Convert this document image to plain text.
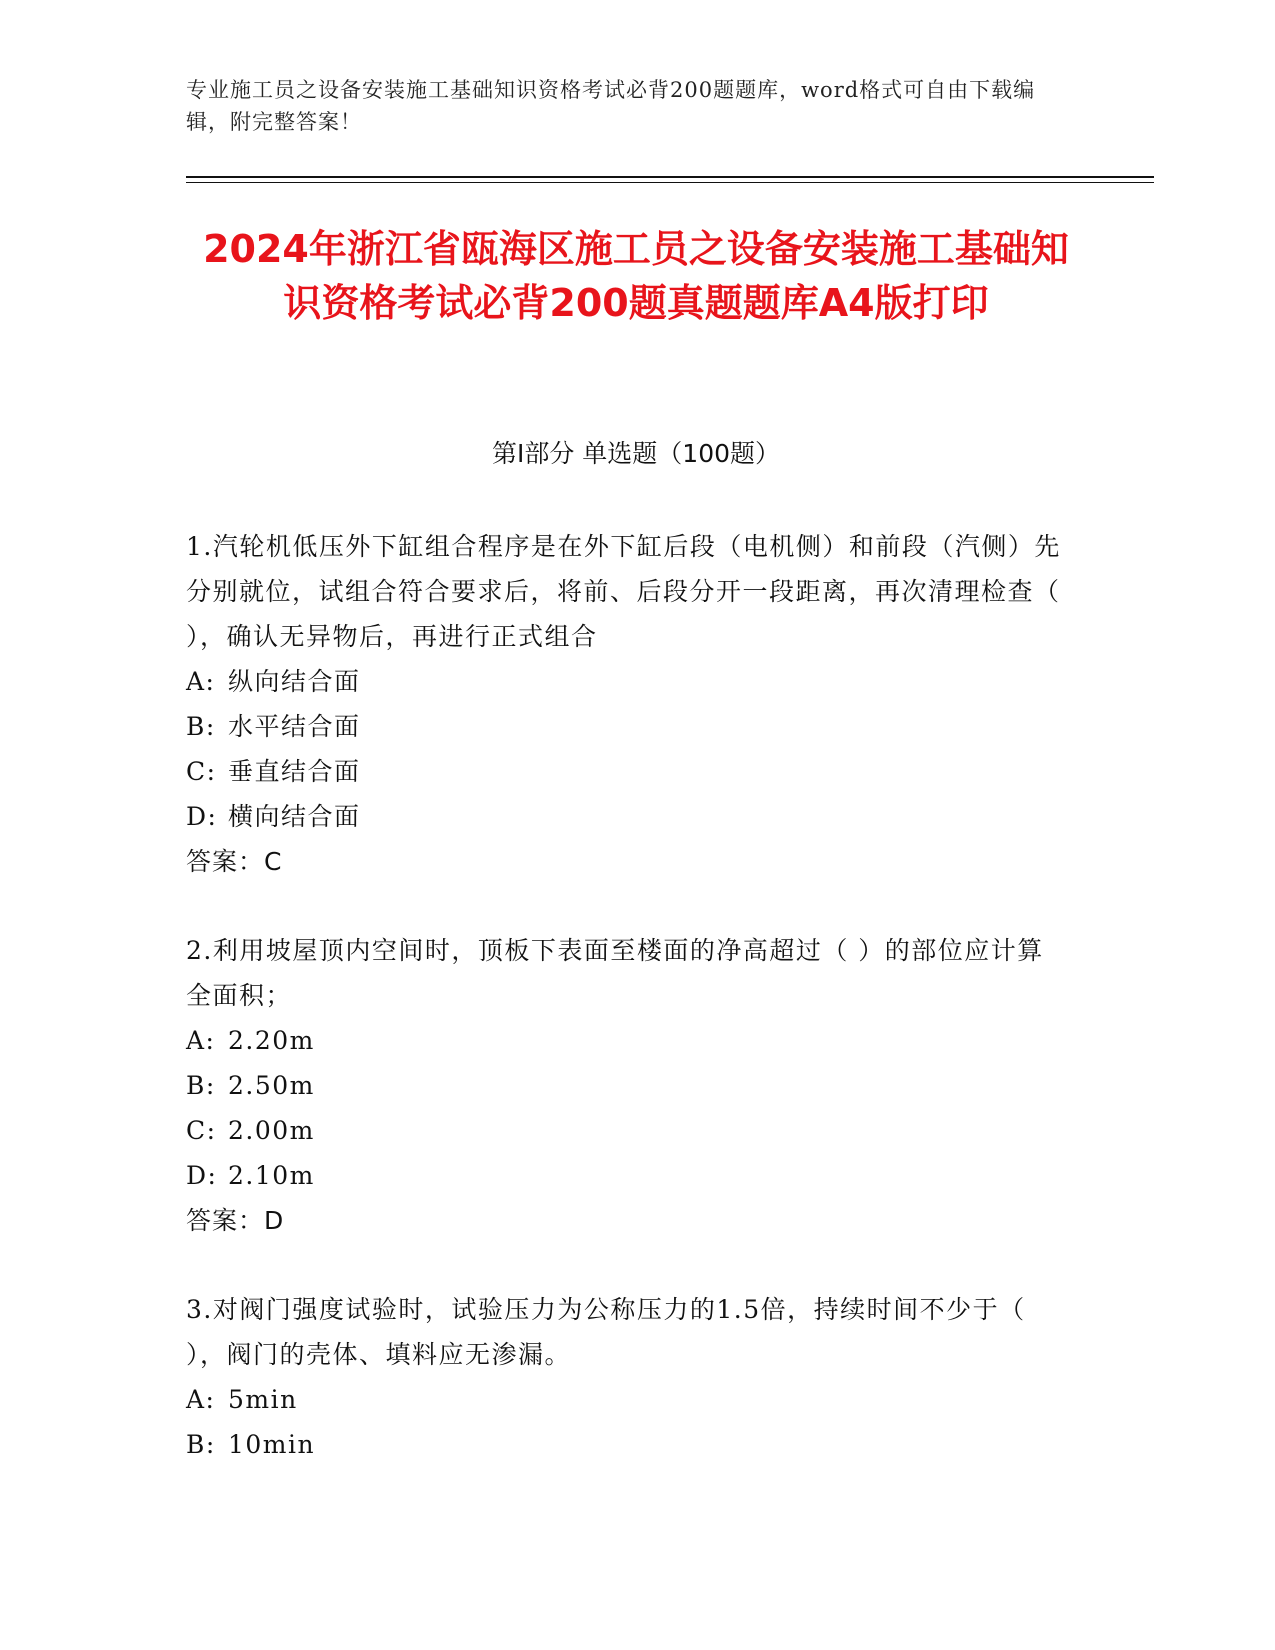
专业施工员之设备安装施工基础知识资格考试必背200题题库，word格式可自由下载编辑，附完整答案！
2024年浙江省瓯海区施工员之设备安装施工基础知识资格考试必背200题真题题库A4版打印
第I部分 单选题（100题）

1.汽轮机低压外下缸组合程序是在外下缸后段（电机侧）和前段（汽侧）先分别就位，试组合符合要求后，将前、后段分开一段距离，再次清理检查（ ），确认无异物后，再进行正式组合

A: 纵向结合面
B: 水平结合面
C: 垂直结合面
D: 横向结合面
答案：C

2.利用坡屋顶内空间时，顶板下表面至楼面的净高超过（ ）的部位应计算全面积；

A: 2.20m
B: 2.50m
C: 2.00m
D: 2.10m
答案：D

3.对阀门强度试验时，试验压力为公称压力的1.5倍，持续时间不少于（ ），阀门的壳体、填料应无渗漏。

A: 5min
B: 10min
